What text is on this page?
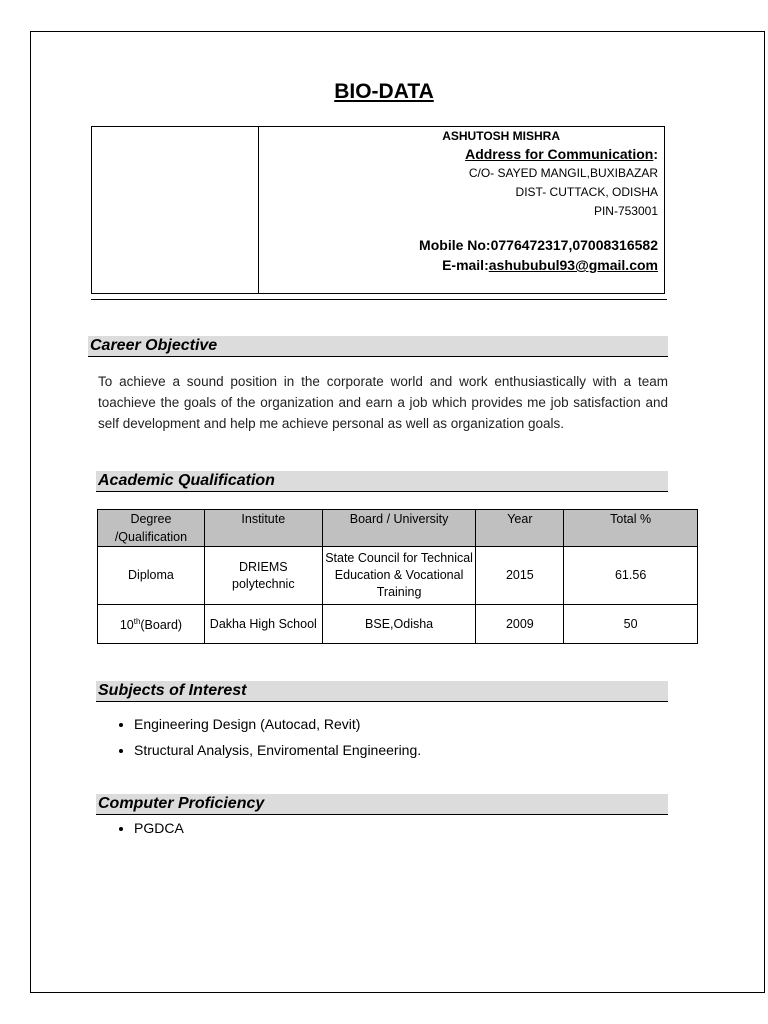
BIO-DATA
ASHUTOSH MISHRA
Address for Communication:
C/O- SAYED MANGIL,BUXIBAZAR
DIST- CUTTACK, ODISHA
PIN-753001
Mobile No:0776472317,07008316582
E-mail:ashububul93@gmail.com
Career Objective
To achieve a sound position in the corporate world and work enthusiastically with a team toachieve the goals of the organization and earn a job which provides me job satisfaction and self development and help me achieve personal as well as organization goals.
Academic Qualification
Degree /Qualification	Institute	Board / University	Year	Total %
Diploma	DRIEMS polytechnic	State Council for Technical Education & Vocational Training	2015	61.56
10th(Board)	Dakha High School	BSE,Odisha	2009	50
Subjects of Interest
• Engineering Design (Autocad, Revit)
• Structural Analysis, Enviromental Engineering.
Computer Proficiency
• PGDCA
